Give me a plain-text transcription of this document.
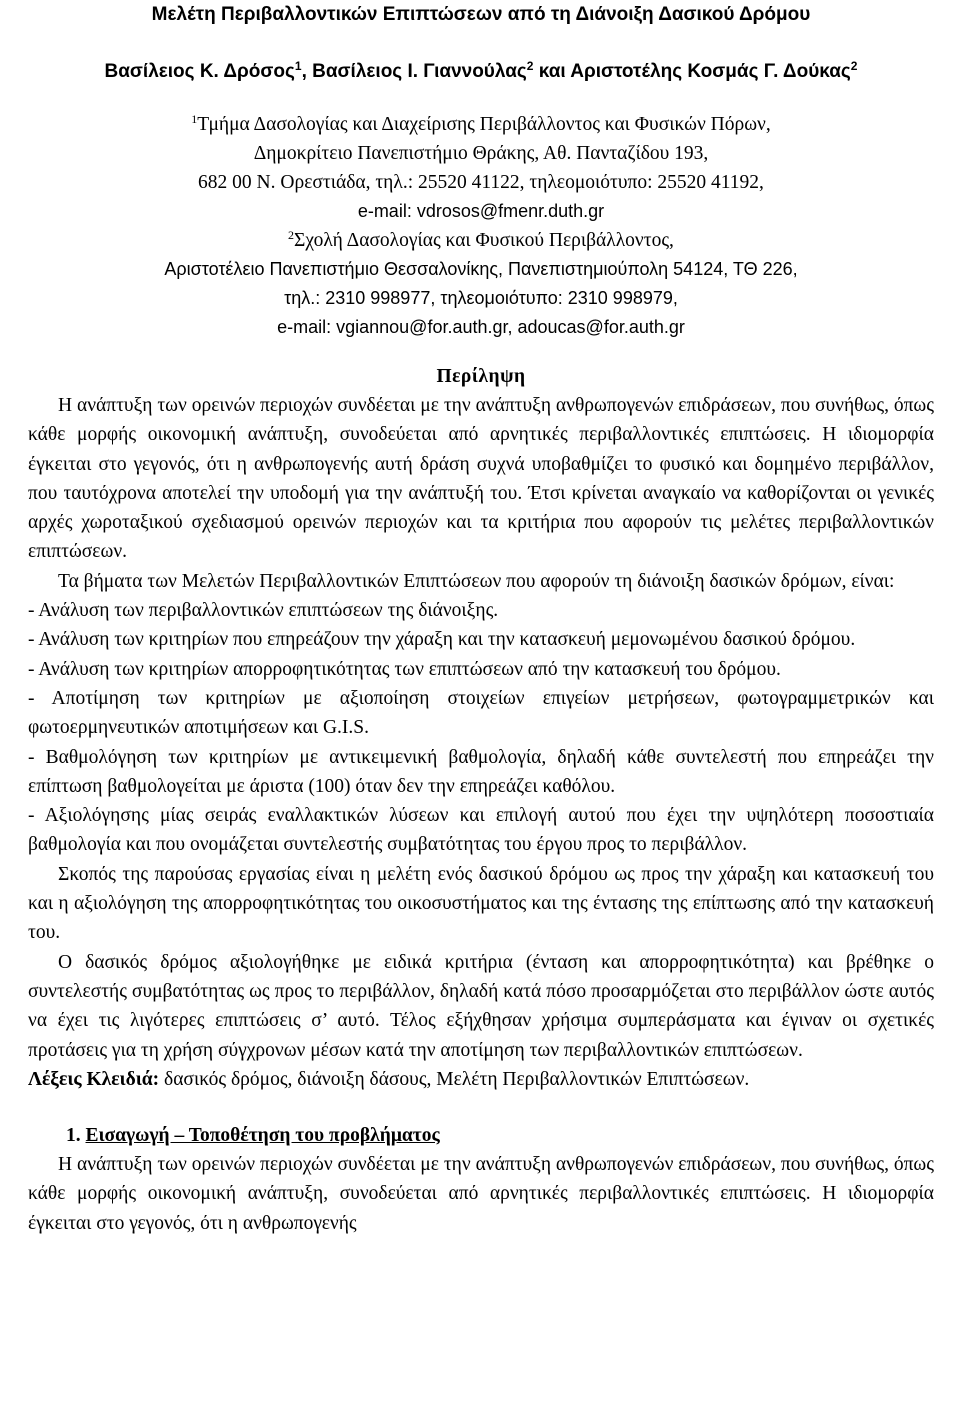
Μελέτη Περιβαλλοντικών Επιπτώσεων από τη Διάνοιξη Δασικού Δρόμου
Βασίλειος Κ. Δρόσος$^1$, Βασίλειος Ι. Γιαννούλας$^2$ και Αριστοτέλης Κοσμάς Γ. Δούκας$^2$
$^1$Τμήμα Δασολογίας και Διαχείρισης Περιβάλλοντος και Φυσικών Πόρων,
Δημοκρίτειο Πανεπιστήμιο Θράκης, Αθ. Πανταζίδου 193,
682 00 Ν. Ορεστιάδα, τηλ.: 25520 41122, τηλεομοιότυπο: 25520 41192,
e-mail: vdrosos@fmenr.duth.gr
$^2$Σχολή Δασολογίας και Φυσικού Περιβάλλοντος,
Αριστοτέλειο Πανεπιστήμιο Θεσσαλονίκης, Πανεπιστημιούπολη 54124, ΤΘ 226,
τηλ.: 2310 998977, τηλεομοιότυπο: 2310 998979,
e-mail: vgiannou@for.auth.gr, adoucas@for.auth.gr
Περίληψη

Η ανάπτυξη των ορεινών περιοχών συνδέεται με την ανάπτυξη ανθρωπογενών επιδράσεων, που συνήθως, όπως κάθε μορφής οικονομική ανάπτυξη, συνοδεύεται από αρνητικές περιβαλλοντικές επιπτώσεις. Η ιδιομορφία έγκειται στο γεγονός, ότι η ανθρωπογενής αυτή δράση συχνά υποβαθμίζει το φυσικό και δομημένο περιβάλλον, που ταυτόχρονα αποτελεί την υποδομή για την ανάπτυξή του. Έτσι κρίνεται αναγκαίο να καθορίζονται οι γενικές αρχές χωροταξικού σχεδιασμού ορεινών περιοχών και τα κριτήρια που αφορούν τις μελέτες περιβαλλοντικών επιπτώσεων.

Τα βήματα των Μελετών Περιβαλλοντικών Επιπτώσεων που αφορούν τη διάνοιξη δασικών δρόμων, είναι:

- Ανάλυση των περιβαλλοντικών επιπτώσεων της διάνοιξης.

- Ανάλυση των κριτηρίων που επηρεάζουν την χάραξη και την κατασκευή μεμονωμένου δασικού δρόμου.

- Ανάλυση των κριτηρίων απορροφητικότητας των επιπτώσεων από την κατασκευή του δρόμου.

- Αποτίμηση των κριτηρίων με αξιοποίηση στοιχείων επιγείων μετρήσεων, φωτογραμμετρικών και φωτοερμηνευτικών αποτιμήσεων και G.I.S.

- Βαθμολόγηση των κριτηρίων με αντικειμενική βαθμολογία, δηλαδή κάθε συντελεστή που επηρεάζει την επίπτωση βαθμολογείται με άριστα (100) όταν δεν την επηρεάζει καθόλου.

- Αξιολόγησης μίας σειράς εναλλακτικών λύσεων και επιλογή αυτού που έχει την υψηλότερη ποσοστιαία βαθμολογία και που ονομάζεται συντελεστής συμβατότητας του έργου προς το περιβάλλον.

Σκοπός της παρούσας εργασίας είναι η μελέτη ενός δασικού δρόμου ως προς την χάραξη και κατασκευή του και η αξιολόγηση της απορροφητικότητας του οικοσυστήματος και της έντασης της επίπτωσης από την κατασκευή του.

Ο δασικός δρόμος αξιολογήθηκε με ειδικά κριτήρια (ένταση και απορροφητικότητα) και βρέθηκε ο συντελεστής συμβατότητας ως προς το περιβάλλον, δηλαδή κατά πόσο προσαρμόζεται στο περιβάλλον ώστε αυτός να έχει τις λιγότερες επιπτώσεις σ’ αυτό. Τέλος εξήχθησαν χρήσιμα συμπεράσματα και έγιναν οι σχετικές προτάσεις για τη χρήση σύγχρονων μέσων κατά την αποτίμηση των περιβαλλοντικών επιπτώσεων.

Λέξεις Κλειδιά: δασικός δρόμος, διάνοιξη δάσους, Μελέτη Περιβαλλοντικών Επιπτώσεων.

1. Εισαγωγή – Τοποθέτηση του προβλήματος

Η ανάπτυξη των ορεινών περιοχών συνδέεται με την ανάπτυξη ανθρωπογενών επιδράσεων, που συνήθως, όπως κάθε μορφής οικονομική ανάπτυξη, συνοδεύεται από αρνητικές περιβαλλοντικές επιπτώσεις. Η ιδιομορφία έγκειται στο γεγονός, ότι η ανθρωπογενής
